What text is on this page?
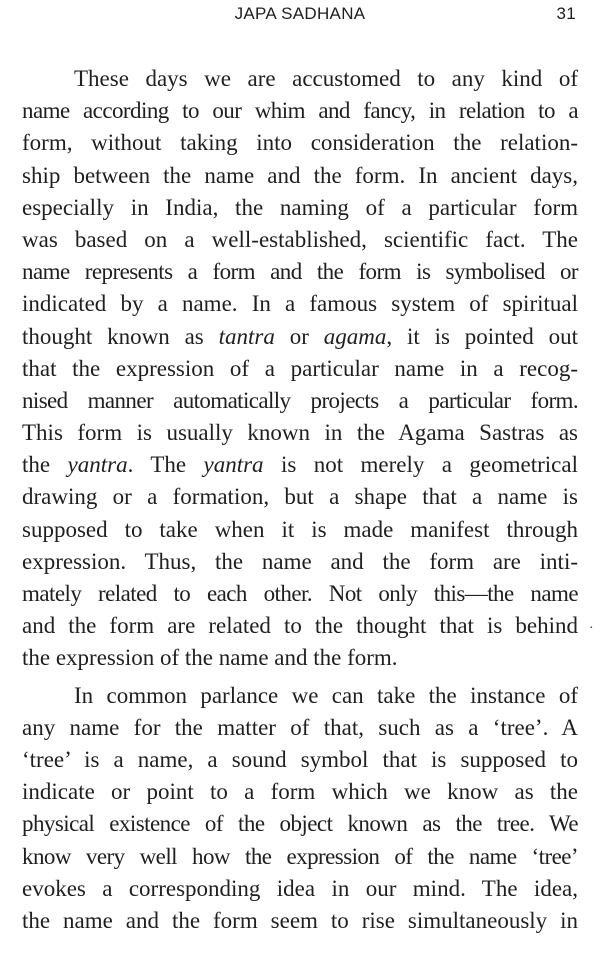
JAPA SADHANA	31

These days we are accustomed to any kind of
name according to our whim and fancy, in relation to a
form, without taking into consideration the relation-
ship between the name and the form. In ancient days,
especially in India, the naming of a particular form
was based on a well-established, scientific fact. The
name represents a form and the form is symbolised or
indicated by a name. In a famous system of spiritual
thought known as tantra or agama, it is pointed out
that the expression of a particular name in a recog-
nised manner automatically projects a particular form.
This form is usually known in the Agama Sastras as
the yantra. The yantra is not merely a geometrical
drawing or a formation, but a shape that a name is
supposed to take when it is made manifest through
expression. Thus, the name and the form are inti-
mately related to each other. Not only this—the name
and the form are related to the thought that is behind
the expression of the name and the form.

In common parlance we can take the instance of
any name for the matter of that, such as a ‘tree’. A
‘tree’ is a name, a sound symbol that is supposed to
indicate or point to a form which we know as the
physical existence of the object known as the tree. We
know very well how the expression of the name ‘tree’
evokes a corresponding idea in our mind. The idea,
the name and the form seem to rise simultaneously in

·
